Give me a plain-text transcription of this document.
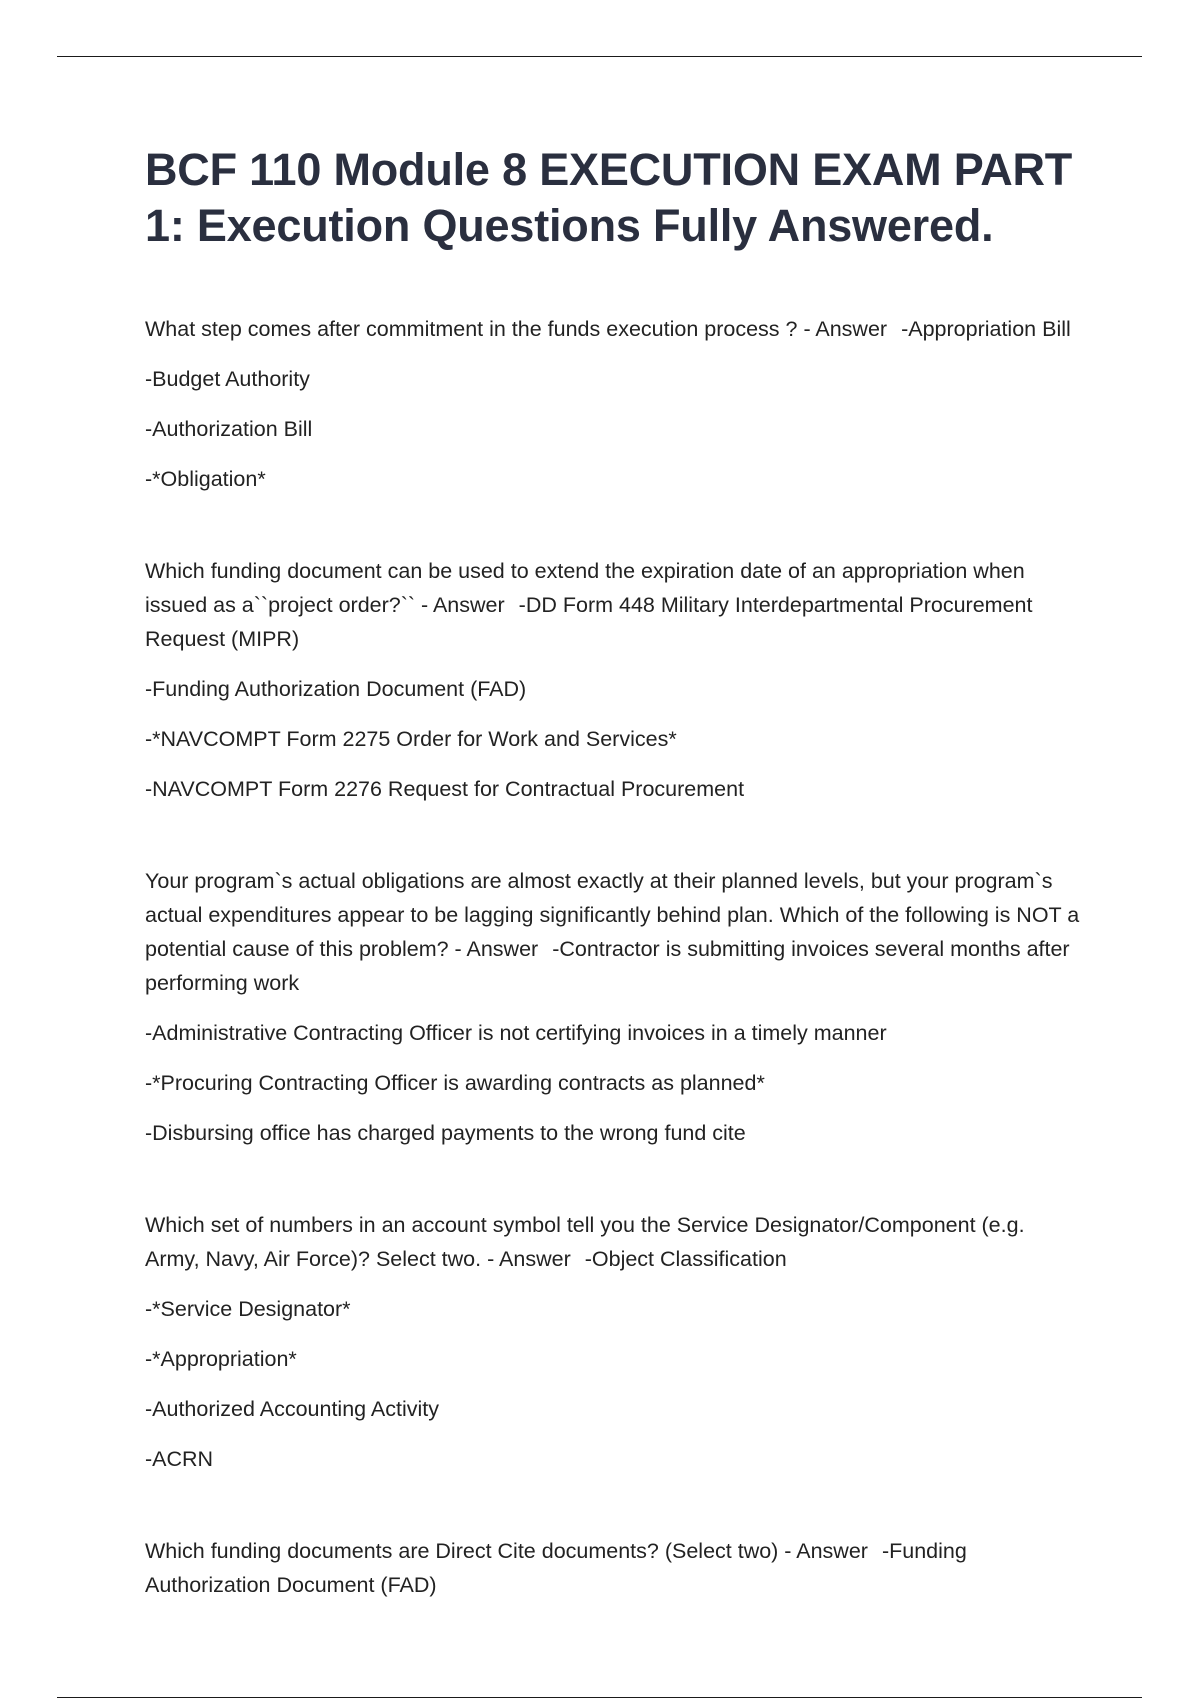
BCF 110 Module 8 EXECUTION EXAM PART 1: Execution Questions Fully Answered.

What step comes after commitment in the funds execution process ? - Answer -Appropriation Bill

-Budget Authority

-Authorization Bill

-*Obligation*

Which funding document can be used to extend the expiration date of an appropriation when issued as a``project order?`` - Answer -DD Form 448 Military Interdepartmental Procurement Request (MIPR)

-Funding Authorization Document (FAD)

-*NAVCOMPT Form 2275 Order for Work and Services*

-NAVCOMPT Form 2276 Request for Contractual Procurement

Your program`s actual obligations are almost exactly at their planned levels, but your program`s actual expenditures appear to be lagging significantly behind plan. Which of the following is NOT a potential cause of this problem? - Answer -Contractor is submitting invoices several months after performing work

-Administrative Contracting Officer is not certifying invoices in a timely manner

-*Procuring Contracting Officer is awarding contracts as planned*

-Disbursing office has charged payments to the wrong fund cite

Which set of numbers in an account symbol tell you the Service Designator/Component (e.g. Army, Navy, Air Force)? Select two. - Answer -Object Classification

-*Service Designator*

-*Appropriation*

-Authorized Accounting Activity

-ACRN

Which funding documents are Direct Cite documents? (Select two) - Answer -Funding Authorization Document (FAD)
